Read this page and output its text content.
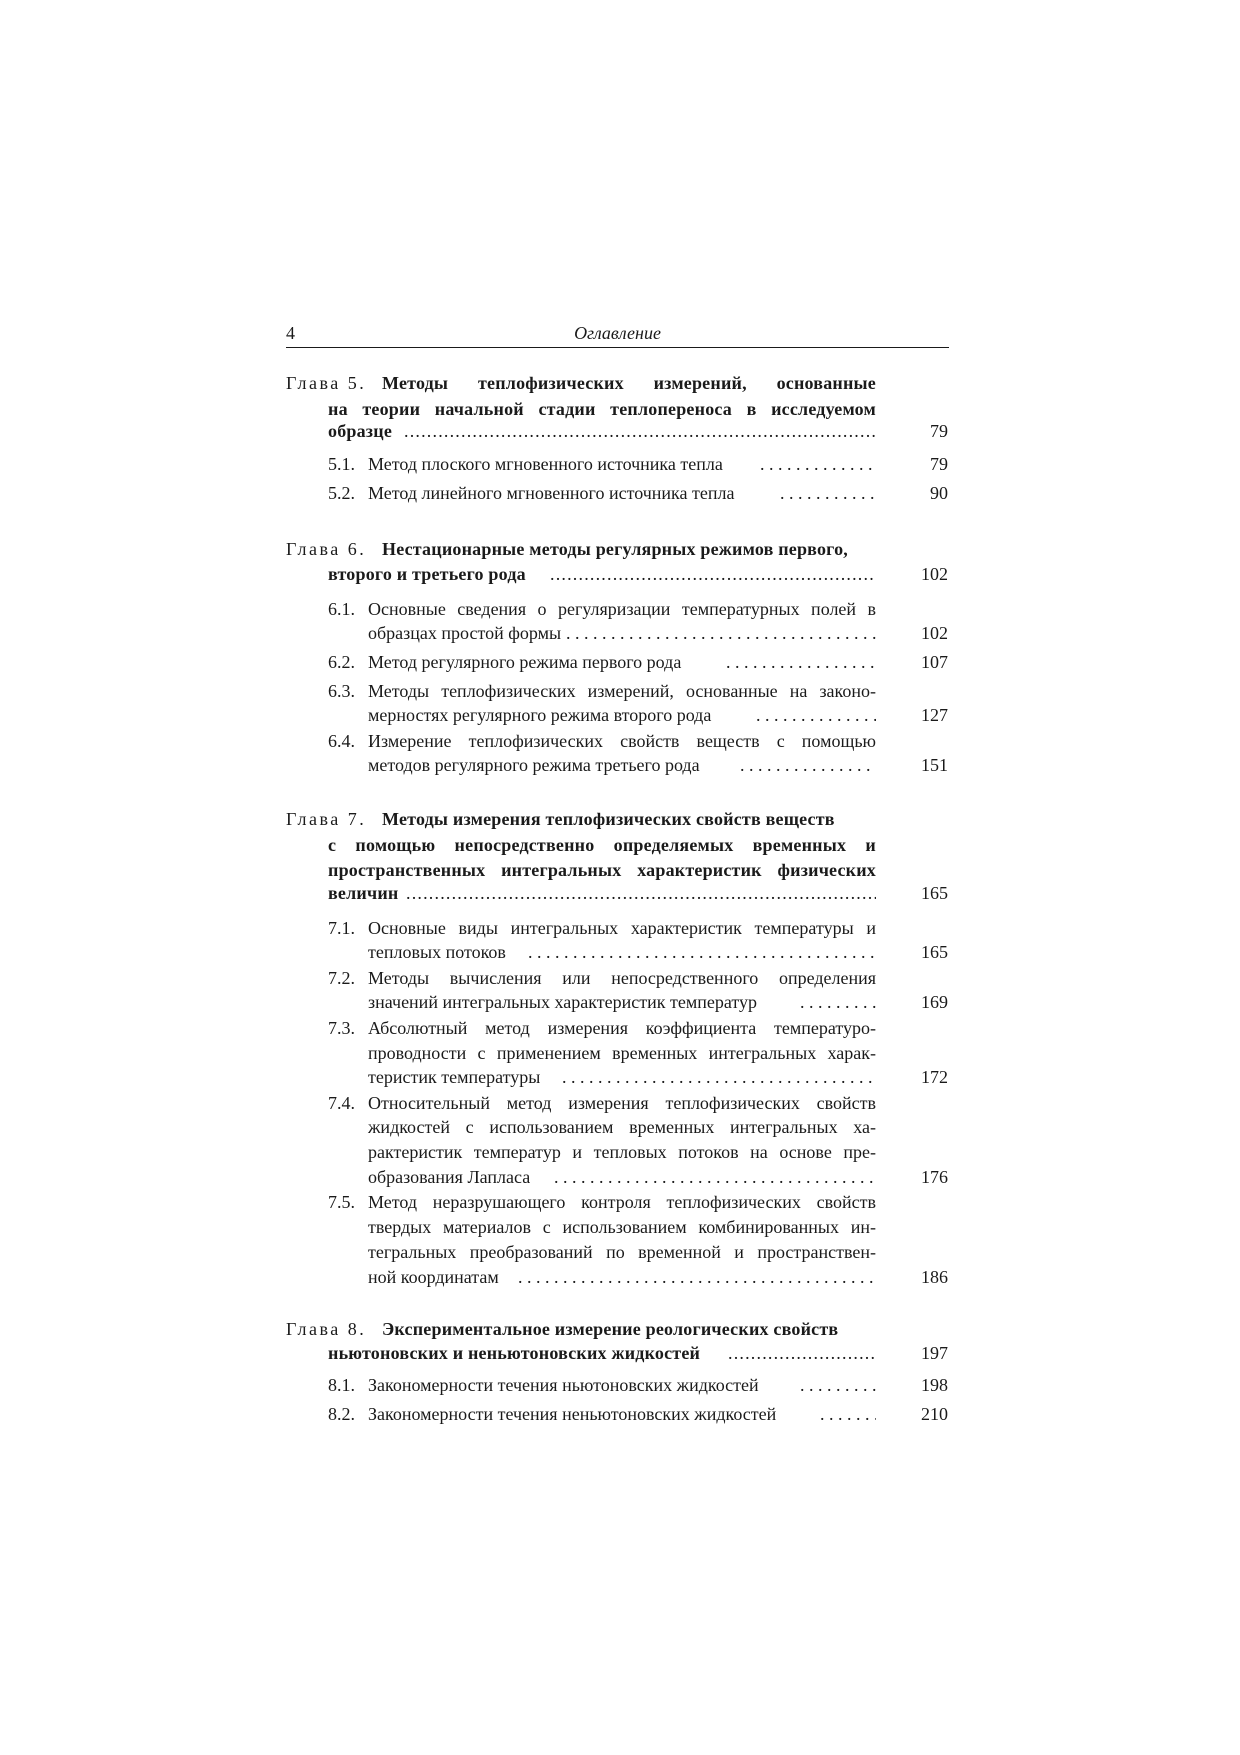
4	Оглавление
Глава 5. Методы теплофизических измерений, основанные
на теории начальной стадии теплопереноса в исследуемом
образце .....	79
5.1. Метод плоского мгновенного источника тепла . . .	79
5.2. Метод линейного мгновенного источника тепла . . .	90
Глава 6. Нестационарные методы регулярных режимов первого,
второго и третьего рода .....	102
6.1. Основные сведения о регуляризации температурных полей в
образцах простой формы . . .	102
6.2. Метод регулярного режима первого рода . . .	107
6.3. Методы теплофизических измерений, основанные на законо-
мерностях регулярного режима второго рода . . .	127
6.4. Измерение теплофизических свойств веществ с помощью
методов регулярного режима третьего рода . . .	151
Глава 7. Методы измерения теплофизических свойств веществ
с помощью непосредственно определяемых временных и
пространственных интегральных характеристик физических
величин .....	165
7.1. Основные виды интегральных характеристик температуры и
тепловых потоков . . .	165
7.2. Методы вычисления или непосредственного определения
значений интегральных характеристик температур . . .	169
7.3. Абсолютный метод измерения коэффициента температуро-
проводности с применением временных интегральных харак-
теристик температуры . . .	172
7.4. Относительный метод измерения теплофизических свойств
жидкостей с использованием временных интегральных ха-
рактеристик температур и тепловых потоков на основе пре-
образования Лапласа . . .	176
7.5. Метод неразрушающего контроля теплофизических свойств
твердых материалов с использованием комбинированных ин-
тегральных преобразований по временной и пространствен-
ной координатам . . .	186
Глава 8. Экспериментальное измерение реологических свойств
ньютоновских и неньютоновских жидкостей .....	197
8.1. Закономерности течения ньютоновских жидкостей . . .	198
8.2. Закономерности течения неньютоновских жидкостей . . .	210
